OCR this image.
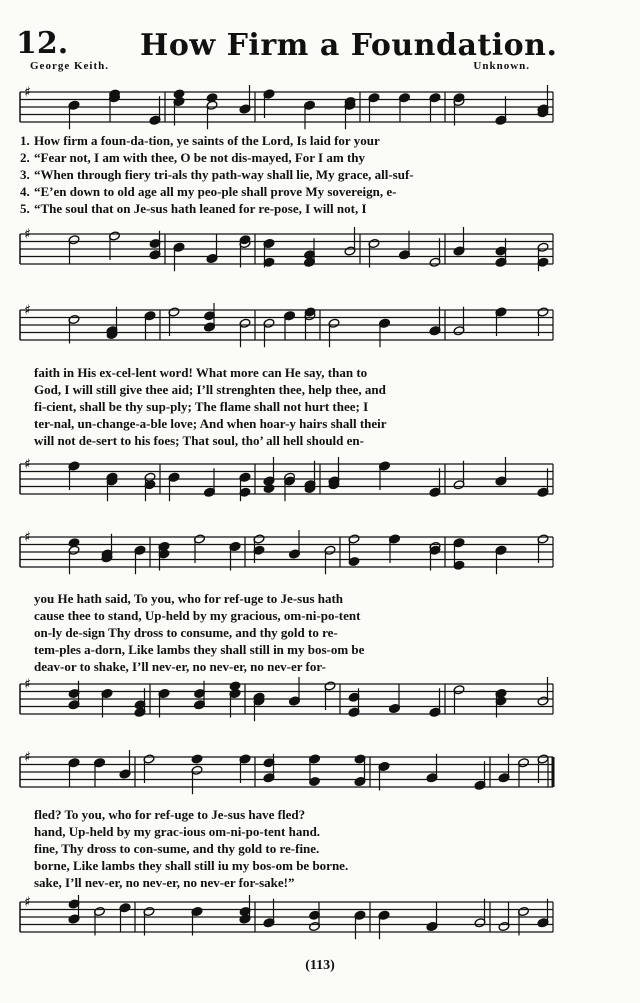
12. How Firm a Foundation.
George Keith.	Unknown.
♯
1. How firm a foun-da-tion, ye saints of the Lord, Is laid for your
2. “Fear not, I am with thee, O be not dis-mayed, For I am thy
3. “When through fiery tri-als thy path-way shall lie, My grace, all-suf-
4. “E’en down to old age all my peo-ple shall prove My sovereign, e-
5. “The soul that on Je-sus hath leaned for re-pose, I will not, I
♯
♯
faith in His ex-cel-lent word! What more can He say, than to
God, I will still give thee aid; I’ll strenghten thee, help thee, and
fi-cient, shall be thy sup-ply; The flame shall not hurt thee; I
ter-nal, un-change-a-ble love; And when hoar-y hairs shall their
will not de-sert to his foes; That soul, tho’ all hell should en-
♯
♯
you He hath said, To you, who for ref-uge to Je-sus hath
cause thee to stand, Up-held by my gracious, om-ni-po-tent
on-ly de-sign Thy dross to consume, and thy gold to re-
tem-ples a-dorn, Like lambs they shall still in my bos-om be
deav-or to shake, I’ll nev-er, no nev-er, no nev-er for-
♯
♯
fled? To you, who for ref-uge to Je-sus have fled?
hand, Up-held by my grac-ious om-ni-po-tent hand.
fine, Thy dross to con-sume, and thy gold to re-fine.
borne, Like lambs they shall still iu my bos-om be borne.
sake, I’ll nev-er, no nev-er, no nev-er for-sake!”
♯
(113)
